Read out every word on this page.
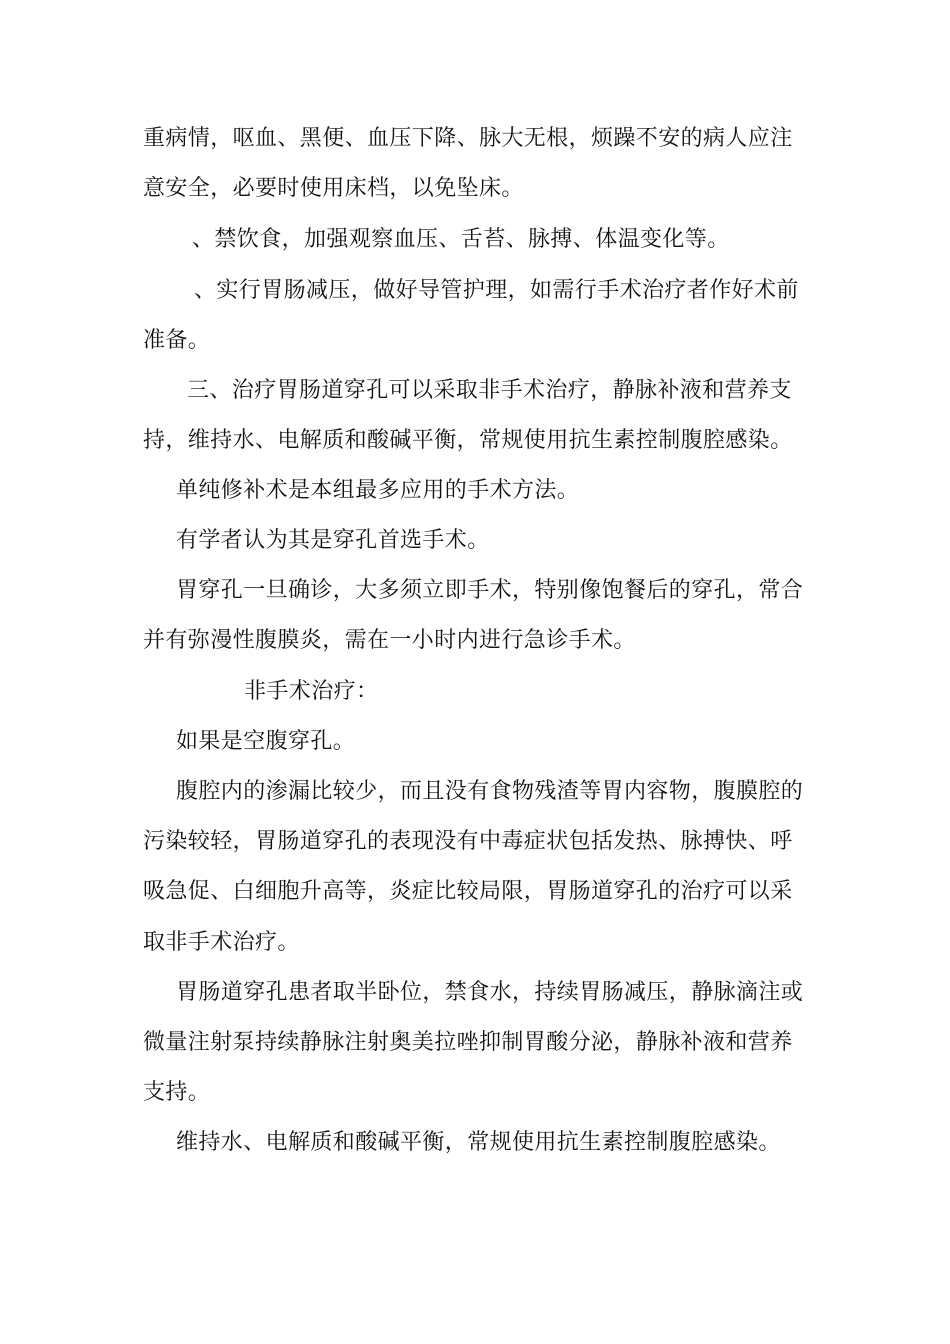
重病情，呕血、黑便、血压下降、脉大无根，烦躁不安的病人应注
意安全，必要时使用床档，以免坠床。
、禁饮食，加强观察血压、舌苔、脉搏、体温变化等。
、实行胃肠减压，做好导管护理，如需行手术治疗者作好术前
准备。
三、治疗胃肠道穿孔可以采取非手术治疗，静脉补液和营养支
持，维持水、电解质和酸碱平衡，常规使用抗生素控制腹腔感染。
单纯修补术是本组最多应用的手术方法。
有学者认为其是穿孔首选手术。
胃穿孔一旦确诊，大多须立即手术，特别像饱餐后的穿孔，常合
并有弥漫性腹膜炎，需在一小时内进行急诊手术。
非手术治疗：
如果是空腹穿孔。
腹腔内的渗漏比较少，而且没有食物残渣等胃内容物，腹膜腔的
污染较轻，胃肠道穿孔的表现没有中毒症状包括发热、脉搏快、呼
吸急促、白细胞升高等，炎症比较局限，胃肠道穿孔的治疗可以采
取非手术治疗。
胃肠道穿孔患者取半卧位，禁食水，持续胃肠减压，静脉滴注或
微量注射泵持续静脉注射奥美拉唑抑制胃酸分泌，静脉补液和营养
支持。
维持水、电解质和酸碱平衡，常规使用抗生素控制腹腔感染。
